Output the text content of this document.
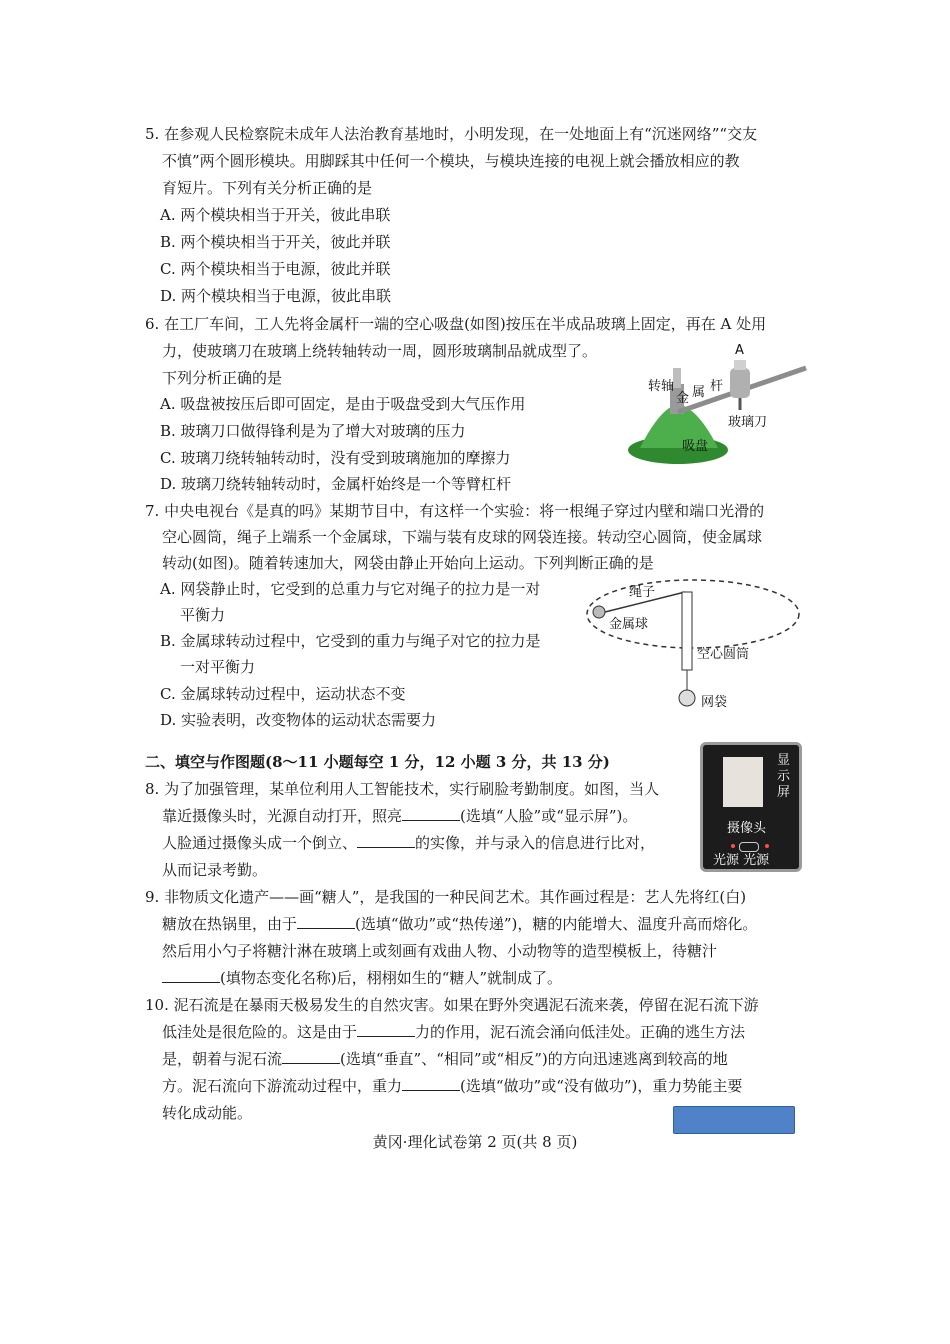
5. 在参观人民检察院未成年人法治教育基地时，小明发现，在一处地面上有“沉迷网络”“交友
不慎”两个圆形模块。用脚踩其中任何一个模块，与模块连接的电视上就会播放相应的教
育短片。下列有关分析正确的是
A. 两个模块相当于开关，彼此串联
B. 两个模块相当于开关，彼此并联
C. 两个模块相当于电源，彼此并联
D. 两个模块相当于电源，彼此串联
6. 在工厂车间，工人先将金属杆一端的空心吸盘(如图)按压在半成品玻璃上固定，再在 A 处用
力，使玻璃刀在玻璃上绕转轴转动一周，圆形玻璃制品就成型了。
下列分析正确的是
A. 吸盘被按压后即可固定，是由于吸盘受到大气压作用
B. 玻璃刀口做得锋利是为了增大对玻璃的压力
C. 玻璃刀绕转轴转动时，没有受到玻璃施加的摩擦力
D. 玻璃刀绕转轴转动时，金属杆始终是一个等臂杠杆
A
转轴
金 属 杆
玻璃刀
吸盘
7. 中央电视台《是真的吗》某期节目中，有这样一个实验：将一根绳子穿过内壁和端口光滑的
空心圆筒，绳子上端系一个金属球，下端与装有皮球的网袋连接。转动空心圆筒，使金属球
转动(如图)。随着转速加大，网袋由静止开始向上运动。下列判断正确的是
A. 网袋静止时，它受到的总重力与它对绳子的拉力是一对
平衡力
B. 金属球转动过程中，它受到的重力与绳子对它的拉力是
一对平衡力
C. 金属球转动过程中，运动状态不变
D. 实验表明，改变物体的运动状态需要力
绳子
金属球
空心圆筒
网袋
二、填空与作图题(8～11 小题每空 1 分，12 小题 3 分，共 13 分)
8. 为了加强管理，某单位利用人工智能技术，实行刷脸考勤制度。如图，当人
靠近摄像头时，光源自动打开，照亮	(选填“人脸”或“显示屏”)。
人脸通过摄像头成一个倒立、	的实像，并与录入的信息进行比对，
从而记录考勤。
显
示
屏
摄像头
光源 光源
9. 非物质文化遗产——画“糖人”，是我国的一种民间艺术。其作画过程是：艺人先将红(白)
糖放在热锅里，由于	(选填“做功”或“热传递”)，糖的内能增大、温度升高而熔化。
然后用小勺子将糖汁淋在玻璃上或刻画有戏曲人物、小动物等的造型模板上，待糖汁
(填物态变化名称)后，栩栩如生的“糖人”就制成了。
10. 泥石流是在暴雨天极易发生的自然灾害。如果在野外突遇泥石流来袭，停留在泥石流下游
低洼处是很危险的。这是由于	力的作用，泥石流会涌向低洼处。正确的逃生方法
是，朝着与泥石流	(选填“垂直”、“相同”或“相反”)的方向迅速逃离到较高的地
方。泥石流向下游流动过程中，重力	(选填“做功”或“没有做功”)，重力势能主要
转化成动能。
黄冈·理化试卷第 2 页(共 8 页)
